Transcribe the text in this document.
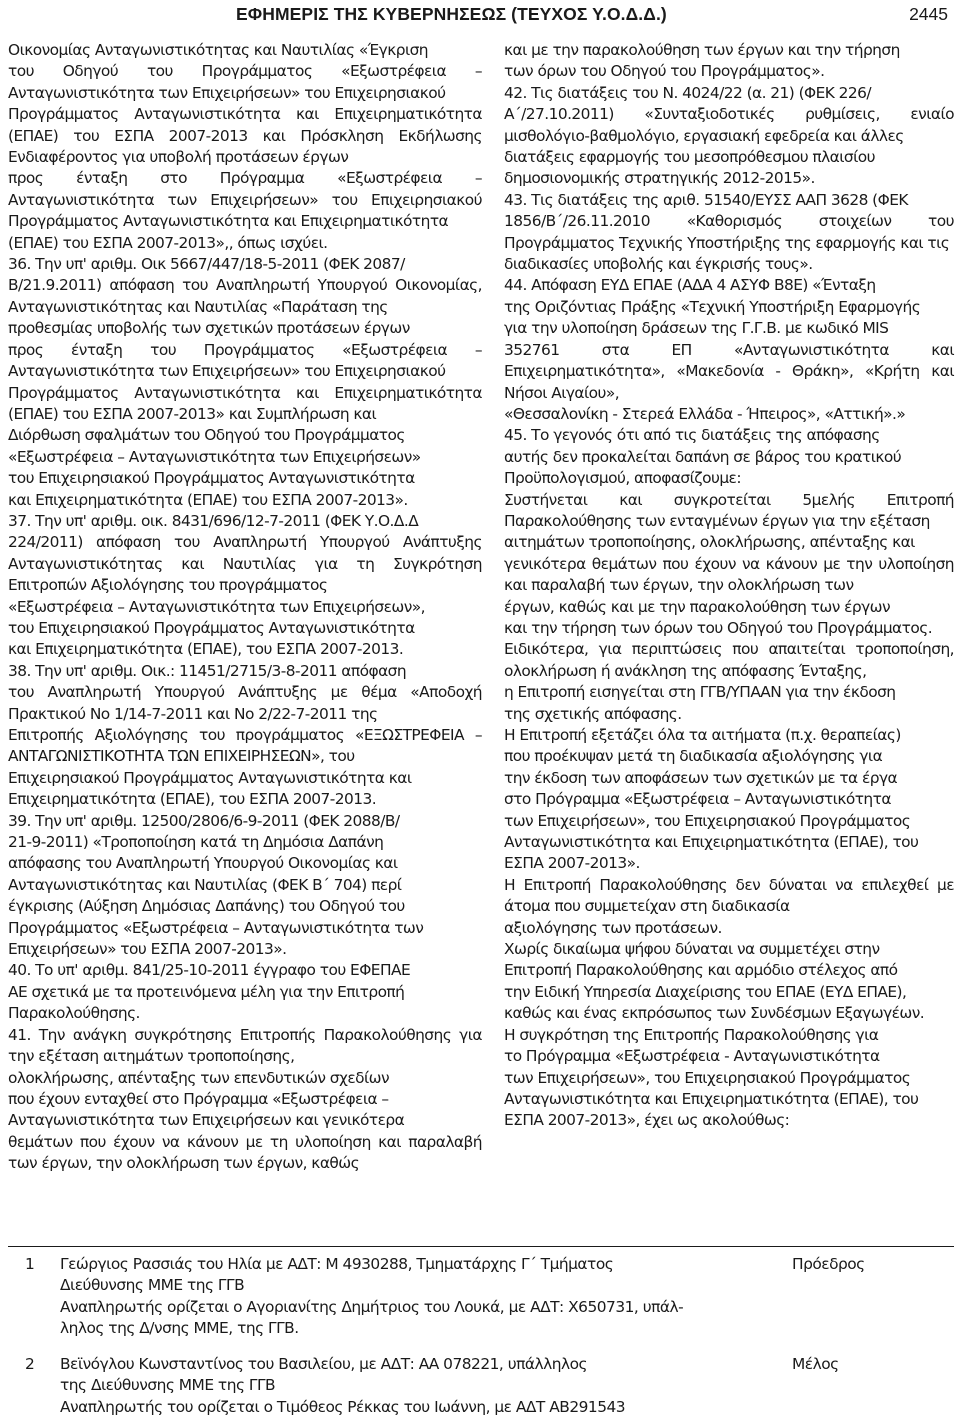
ΕΦΗΜΕΡΙΣ ΤΗΣ ΚΥΒΕΡΝΗΣΕΩΣ (ΤΕΥΧΟΣ Υ.Ο.Δ.Δ.)	2445
Οικονομίας Ανταγωνιστικότητας και Ναυτιλίας «Έγκριση
του Οδηγού του Προγράμματος «Εξωστρέφεια – Ανταγωνιστικότητα των Επιχειρήσεων» του Επιχειρησιακού
Προγράμματος Ανταγωνιστικότητα και Επιχειρηματικότητα (ΕΠΑΕ) του ΕΣΠΑ 2007-2013 και Πρόσκληση Εκδήλωσης Ενδιαφέροντος για υποβολή προτάσεων έργων
προς ένταξη στο Πρόγραμμα «Εξωστρέφεια – Ανταγωνιστικότητα των Επιχειρήσεων» του Επιχειρησιακού Προγράμματος Ανταγωνιστικότητα και Επιχειρηματικότητα
(ΕΠΑΕ) του ΕΣΠΑ 2007-2013»,, όπως ισχύει.
36. Την υπ' αριθμ. Οικ 5667/447/18-5-2011 (ΦΕΚ 2087/
Β/21.9.2011) απόφαση του Αναπληρωτή Υπουργού Οικονομίας, Ανταγωνιστικότητας και Ναυτιλίας «Παράταση της
προθεσμίας υποβολής των σχετικών προτάσεων έργων
προς ένταξη του Προγράμματος «Εξωστρέφεια – Ανταγωνιστικότητα των Επιχειρήσεων» του Επιχειρησιακού
Προγράμματος Ανταγωνιστικότητα και Επιχειρηματικότητα (ΕΠΑΕ) του ΕΣΠΑ 2007-2013» και Συμπλήρωση και
Διόρθωση σφαλμάτων του Οδηγού του Προγράμματος
«Εξωστρέφεια – Ανταγωνιστικότητα των Επιχειρήσεων»
του Επιχειρησιακού Προγράμματος Ανταγωνιστικότητα
και Επιχειρηματικότητα (ΕΠΑΕ) του ΕΣΠΑ 2007-2013».
37. Την υπ' αριθμ. οικ. 8431/696/12-7-2011 (ΦΕΚ Υ.Ο.Δ.Δ
224/2011) απόφαση του Αναπληρωτή Υπουργού Ανάπτυξης Ανταγωνιστικότητας και Ναυτιλίας για τη Συγκρότηση Επιτροπών Αξιολόγησης του προγράμματος
«Εξωστρέφεια – Ανταγωνιστικότητα των Επιχειρήσεων»,
του Επιχειρησιακού Προγράμματος Ανταγωνιστικότητα
και Επιχειρηματικότητα (ΕΠΑΕ), του ΕΣΠΑ 2007-2013.
38. Την υπ' αριθμ. Οικ.: 11451/2715/3-8-2011 απόφαση
του Αναπληρωτή Υπουργού Ανάπτυξης με θέμα «Αποδοχή Πρακτικού Νο 1/14-7-2011 και Νο 2/22-7-2011 της
Επιτροπής Αξιολόγησης του προγράμματος «ΕΞΩΣΤΡΕΦΕΙΑ – ΑΝΤΑΓΩΝΙΣΤΙΚΟΤΗΤΑ ΤΩΝ ΕΠΙΧΕΙΡΗΣΕΩΝ», του
Επιχειρησιακού Προγράμματος Ανταγωνιστικότητα και
Επιχειρηματικότητα (ΕΠΑΕ), του ΕΣΠΑ 2007-2013.
39. Την υπ' αριθμ. 12500/2806/6-9-2011 (ΦΕΚ 2088/Β/
21-9-2011) «Τροποποίηση κατά τη Δημόσια Δαπάνη
απόφασης του Αναπληρωτή Υπουργού Οικονομίας και
Ανταγωνιστικότητας και Ναυτιλίας (ΦΕΚ Β΄ 704) περί
έγκρισης (Αύξηση Δημόσιας Δαπάνης) του Οδηγού του
Προγράμματος «Εξωστρέφεια – Ανταγωνιστικότητα των
Επιχειρήσεων» του ΕΣΠΑ 2007-2013».
40. Το υπ' αριθμ. 841/25-10-2011 έγγραφο του ΕΦΕΠΑΕ
ΑΕ σχετικά με τα προτεινόμενα μέλη για την Επιτροπή
Παρακολούθησης.
41. Την ανάγκη συγκρότησης Επιτροπής Παρακολούθησης για την εξέταση αιτημάτων τροποποίησης,
ολοκλήρωσης, απένταξης των επενδυτικών σχεδίων
που έχουν ενταχθεί στο Πρόγραμμα «Εξωστρέφεια –
Ανταγωνιστικότητα των Επιχειρήσεων και γενικότερα
θεμάτων που έχουν να κάνουν με τη υλοποίηση και παραλαβή των έργων, την ολοκλήρωση των έργων, καθώς
και με την παρακολούθηση των έργων και την τήρηση
των όρων του Οδηγού του Προγράμματος».
42. Τις διατάξεις του Ν. 4024/22 (α. 21) (ΦΕΚ 226/
Α΄/27.10.2011) «Συνταξιοδοτικές ρυθμίσεις, ενιαίο μισθολόγιο-βαθμολόγιο, εργασιακή εφεδρεία και άλλες
διατάξεις εφαρμογής του μεσοπρόθεσμου πλαισίου
δημοσιονομικής στρατηγικής 2012-2015».
43. Τις διατάξεις της αριθ. 51540/ΕΥΣΣ ΑΑΠ 3628 (ΦΕΚ
1856/Β΄/26.11.2010 «Καθορισμός στοιχείων του Προγράμματος Τεχνικής Υποστήριξης της εφαρμογής και τις
διαδικασίες υποβολής και έγκρισής τους».
44. Απόφαση ΕΥΔ ΕΠΑΕ (ΑΔΑ 4 ΑΣΥΦ Β8Ε) «Ένταξη
της Οριζόντιας Πράξης «Τεχνική Υποστήριξη Εφαρμογής
για την υλοποίηση δράσεων της Γ.Γ.Β. με κωδικό MIS
352761 στα ΕΠ «Ανταγωνιστικότητα και Επιχειρηματικότητα», «Μακεδονία - Θράκη», «Κρήτη και Νήσοι Αιγαίου»,
«Θεσσαλονίκη - Στερεά Ελλάδα - Ήπειρος», «Αττική».»
45. Το γεγονός ότι από τις διατάξεις της απόφασης
αυτής δεν προκαλείται δαπάνη σε βάρος του κρατικού
Προϋπολογισμού, αποφασίζουμε:
Συστήνεται και συγκροτείται 5μελής Επιτροπή Παρακολούθησης των ενταγμένων έργων για την εξέταση
αιτημάτων τροποποίησης, ολοκλήρωσης, απένταξης και
γενικότερα θεμάτων που έχουν να κάνουν με την υλοποίηση και παραλαβή των έργων, την ολοκλήρωση των
έργων, καθώς και με την παρακολούθηση των έργων
και την τήρηση των όρων του Οδηγού του Προγράμματος.
Ειδικότερα, για περιπτώσεις που απαιτείται τροποποίηση, ολοκλήρωση ή ανάκληση της απόφασης Ένταξης,
η Επιτροπή εισηγείται στη ΓΓΒ/ΥΠΑΑΝ για την έκδοση
της σχετικής απόφασης.
Η Επιτροπή εξετάζει όλα τα αιτήματα (π.χ. θεραπείας)
που προέκυψαν μετά τη διαδικασία αξιολόγησης για
την έκδοση των αποφάσεων των σχετικών με τα έργα
στο Πρόγραμμα «Εξωστρέφεια – Ανταγωνιστικότητα
των Επιχειρήσεων», του Επιχειρησιακού Προγράμματος
Ανταγωνιστικότητα και Επιχειρηματικότητα (ΕΠΑΕ), του
ΕΣΠΑ 2007-2013».
Η Επιτροπή Παρακολούθησης δεν δύναται να επιλεχθεί με άτομα που συμμετείχαν στη διαδικασία
αξιολόγησης των προτάσεων.
Χωρίς δικαίωμα ψήφου δύναται να συμμετέχει στην
Επιτροπή Παρακολούθησης και αρμόδιο στέλεχος από
την Ειδική Υπηρεσία Διαχείρισης του ΕΠΑΕ (ΕΥΔ ΕΠΑΕ),
καθώς και ένας εκπρόσωπος των Συνδέσμων Εξαγωγέων.
Η συγκρότηση της Επιτροπής Παρακολούθησης για
το Πρόγραμμα «Εξωστρέφεια - Ανταγωνιστικότητα
των Επιχειρήσεων», του Επιχειρησιακού Προγράμματος
Ανταγωνιστικότητα και Επιχειρηματικότητα (ΕΠΑΕ), του
ΕΣΠΑ 2007-2013», έχει ως ακολούθως:
1 Γεώργιος Ρασσιάς του Ηλία με ΑΔΤ: Μ 4930288, Τμηματάρχης Γ΄ Τμήματος
Διεύθυνσης ΜΜΕ της ΓΓΒ
Αναπληρωτής ορίζεται ο Αγοριανίτης Δημήτριος του Λουκά, με ΑΔΤ: Χ650731, υπάλ-
ληλος της Δ/νσης ΜΜΕ, της ΓΓΒ.
Πρόεδρος
2 Βεϊνόγλου Κωνσταντίνος του Βασιλείου, με ΑΔΤ: ΑΑ 078221, υπάλληλος
της Διεύθυνσης ΜΜΕ της ΓΓΒ
Αναπληρωτής του ορίζεται ο Τιμόθεος Ρέκκας του Ιωάννη, με ΑΔΤ ΑΒ291543
Μέλος
